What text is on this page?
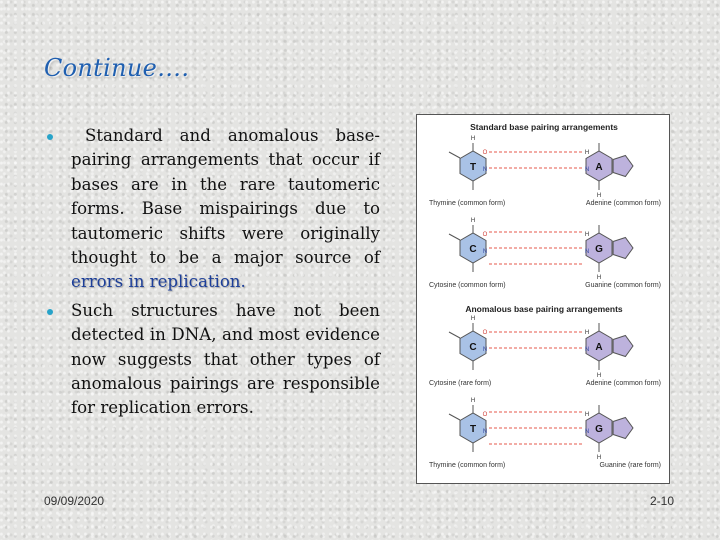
Continue….
Standard and anomalous base-pairing arrangements that occur if bases are in the rare tautomeric forms. Base mispairings due to tautomeric shifts were originally thought to be a major source of errors in replication.
Such structures have not been detected in DNA, and most evidence now suggests that other types of anomalous pairings are responsible for replication errors.
Standard base pairing arrangements
Anomalous base pairing arrangements
T	A
O
N
H
N
H
H
Thymine (common form)	Adenine (common form)
C	G
O
N
H
N
H
H
Cytosine (common form)	Guanine (common form)
C	A
O
N
H
N
H
H
Cytosine (rare form)	Adenine (common form)
T	G
O
N
H
N
H
H
Thymine (common form)	Guanine (rare form)
09/09/2020	2-10
